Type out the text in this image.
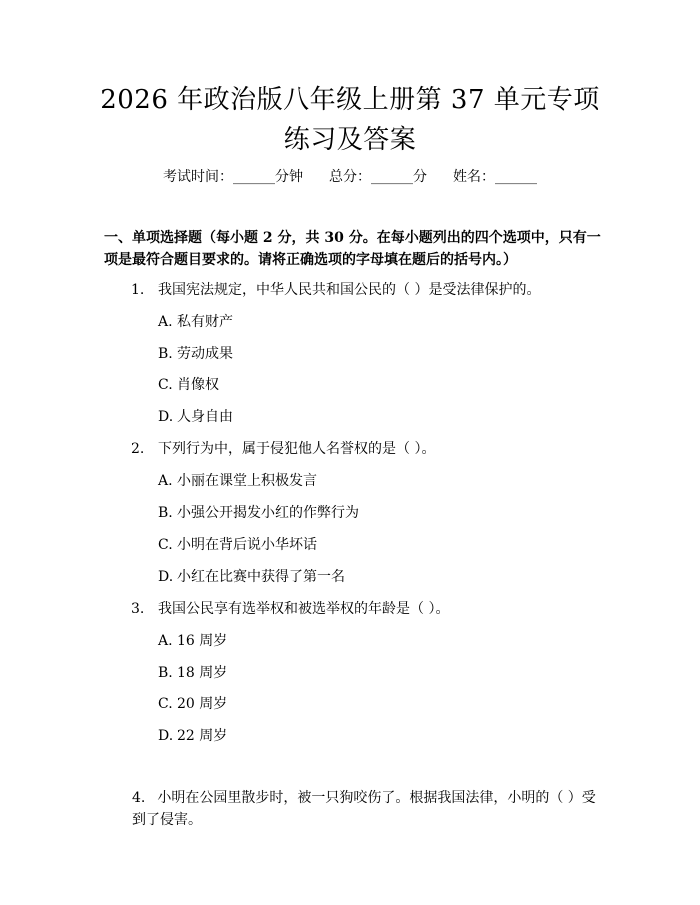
2026 年政治版八年级上册第 37 单元专项练习及答案
考试时间：______分钟 总分：______分 姓名：______
一、单项选择题（每小题 2 分，共 30 分。在每小题列出的四个选项中，只有一项是最符合题目要求的。请将正确选项的字母填在题后的括号内。）
1. 我国宪法规定，中华人民共和国公民的（ ）是受法律保护的。
A. 私有财产
B. 劳动成果
C. 肖像权
D. 人身自由
2. 下列行为中，属于侵犯他人名誉权的是（ ）。
A. 小丽在课堂上积极发言
B. 小强公开揭发小红的作弊行为
C. 小明在背后说小华坏话
D. 小红在比赛中获得了第一名
3. 我国公民享有选举权和被选举权的年龄是（ ）。
A. 16 周岁
B. 18 周岁
C. 20 周岁
D. 22 周岁
4. 小明在公园里散步时，被一只狗咬伤了。根据我国法律，小明的（ ）受到了侵害。
